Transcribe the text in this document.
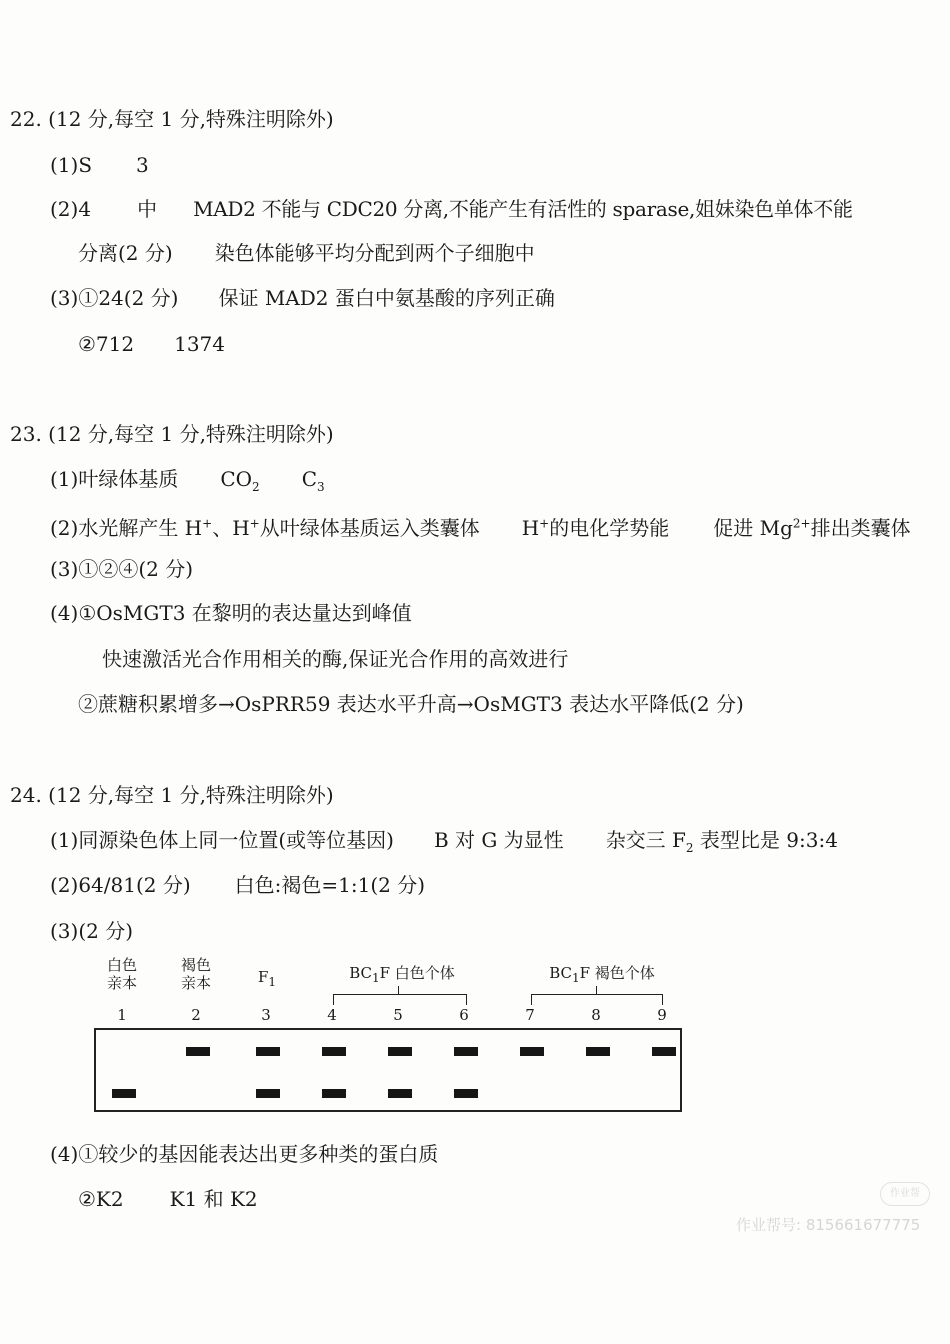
22. (12 分,每空 1 分,特殊注明除外)
(1)S 3
(2)4 中 MAD2 不能与 CDC20 分离,不能产生有活性的 sparase,姐妹染色单体不能
分离(2 分) 染色体能够平均分配到两个子细胞中
(3)①24(2 分) 保证 MAD2 蛋白中氨基酸的序列正确
②712 1374
23. (12 分,每空 1 分,特殊注明除外)
(1)叶绿体基质 $CO_2$ $C_3$
(2)水光解产生 H+、H+从叶绿体基质运入类囊体 H+的电化学势能 促进 $Mg^{2+}$排出类囊体
(3)①②④(2 分)
(4)①OsMGT3 在黎明的表达量达到峰值
快速激活光合作用相关的酶,保证光合作用的高效进行
②蔗糖积累增多→OsPRR59 表达水平升高→OsMGT3 表达水平降低(2 分)
24. (12 分,每空 1 分,特殊注明除外)
(1)同源染色体上同一位置(或等位基因) B 对 G 为显性 杂交三 $F_2$ 表型比是 9:3:4
(2)64/81(2 分) 白色:褐色=1:1(2 分)
(3)(2 分)
白色
亲本
褐色
亲本	$F_1$	$BC_1F$ 白色个体	$BC_1F$ 褐色个体
1	2	3	4	5	6	7	8	9
(4)①较少的基因能表达出更多种类的蛋白质
②K2 K1 和 K2	作业帮
作业帮号: 815661677775
